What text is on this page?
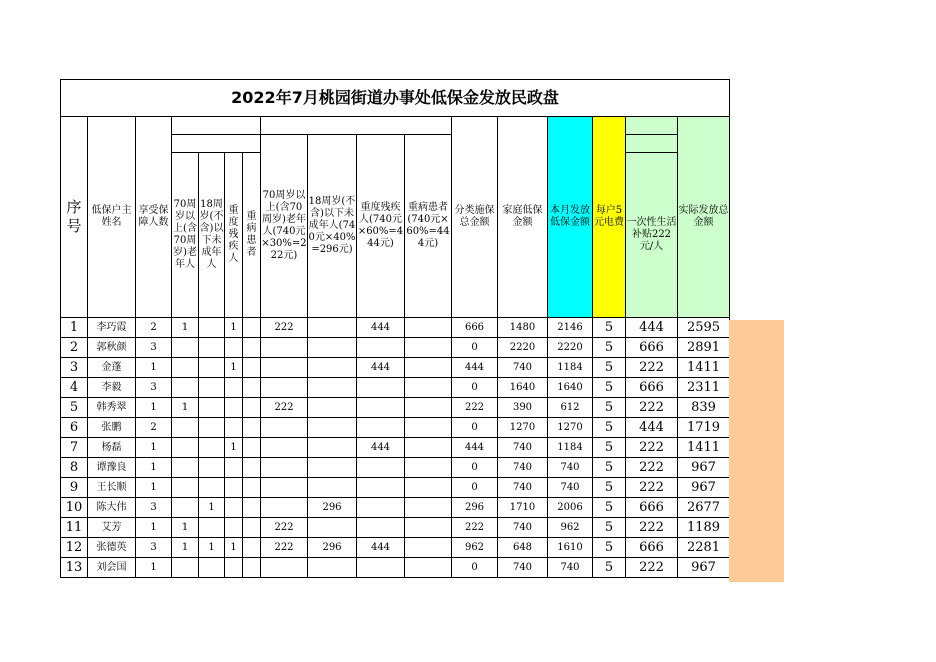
2022年7月桃园街道办事处低保金发放民政盘																
序号	低保户主姓名	享受保障人数									分类施保总金额	家庭低保金额	本月发放低保金额	每户5元电费		实际发放总金额
							70周岁以上(含70周岁)老年人(740元×30%=222元)	18周岁(不含)以下未成年人(740元×40%=296元)	重度残疾人(740元×60%=444元)	重病患者(740元×60%=444元)						
			70周岁以上(含70周岁)老年人	18周岁(不含)以下未成年人	重度残疾人	重病患者									一次性生活补贴222元/人	
1	李巧霞	2	1		1		222		444		666	1480	2146	5	444	2595
2	郭秋颜	3									0	2220	2220	5	666	2891
3	金蓬	1			1				444		444	740	1184	5	222	1411
4	李毅	3									0	1640	1640	5	666	2311
5	韩秀翠	1	1				222				222	390	612	5	222	839
6	张鹏	2									0	1270	1270	5	444	1719
7	杨磊	1			1				444		444	740	1184	5	222	1411
8	谭豫良	1									0	740	740	5	222	967
9	王长顺	1									0	740	740	5	222	967
10	陈大伟	3		1				296			296	1710	2006	5	666	2677
11	艾芳	1	1				222				222	740	962	5	222	1189
12	张德英	3	1	1	1		222	296	444		962	648	1610	5	666	2281
13	刘会国	1									0	740	740	5	222	967
